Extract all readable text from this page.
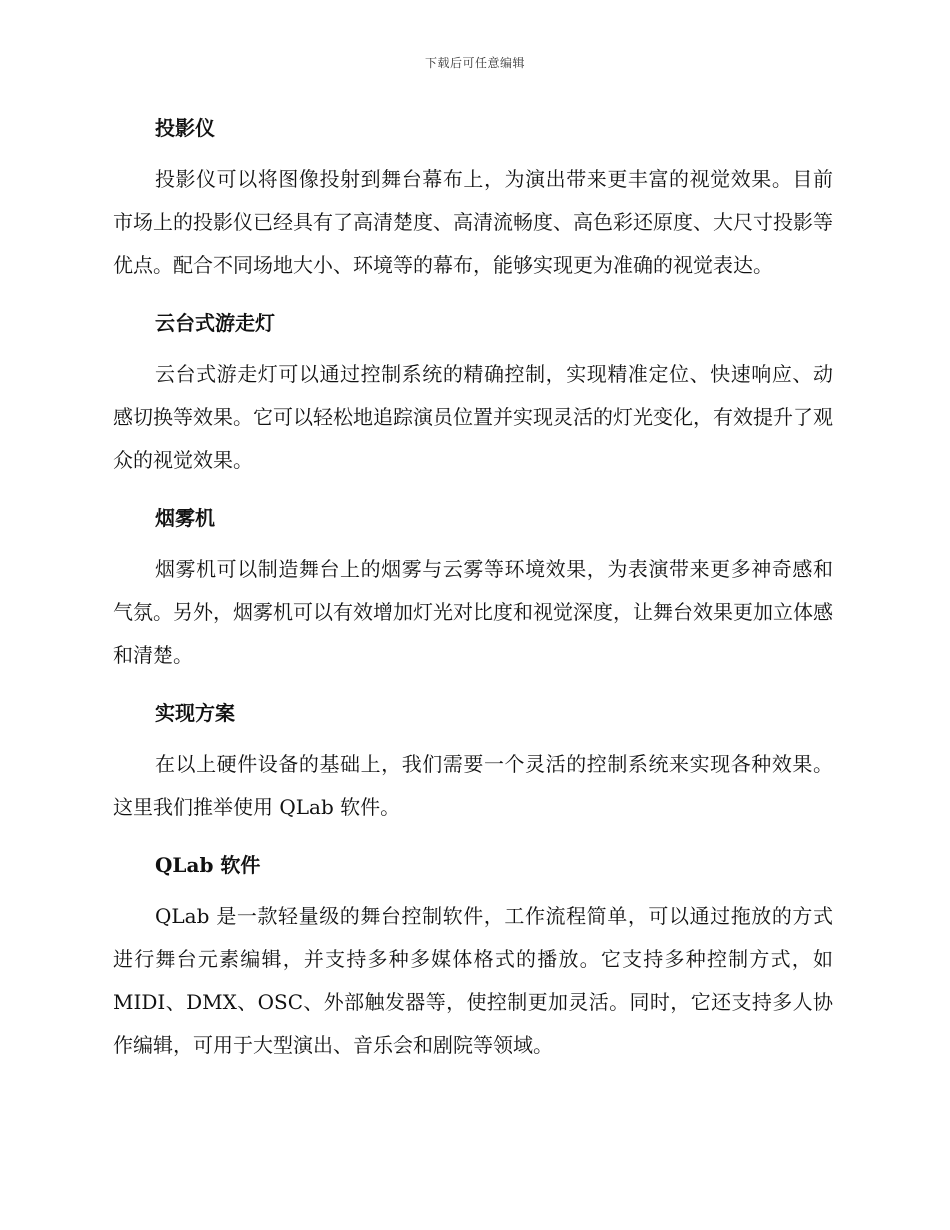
下载后可任意编辑
投影仪

投影仪可以将图像投射到舞台幕布上，为演出带来更丰富的视觉效果。目前市场上的投影仪已经具有了高清楚度、高清流畅度、高色彩还原度、大尺寸投影等优点。配合不同场地大小、环境等的幕布，能够实现更为准确的视觉表达。

云台式游走灯

云台式游走灯可以通过控制系统的精确控制，实现精准定位、快速响应、动感切换等效果。它可以轻松地追踪演员位置并实现灵活的灯光变化，有效提升了观众的视觉效果。

烟雾机

烟雾机可以制造舞台上的烟雾与云雾等环境效果，为表演带来更多神奇感和气氛。另外，烟雾机可以有效增加灯光对比度和视觉深度，让舞台效果更加立体感和清楚。

实现方案

在以上硬件设备的基础上，我们需要一个灵活的控制系统来实现各种效果。这里我们推举使用 QLab 软件。

QLab 软件

QLab 是一款轻量级的舞台控制软件，工作流程简单，可以通过拖放的方式进行舞台元素编辑，并支持多种多媒体格式的播放。它支持多种控制方式，如 MIDI、DMX、OSC、外部触发器等，使控制更加灵活。同时，它还支持多人协作编辑，可用于大型演出、音乐会和剧院等领域。
